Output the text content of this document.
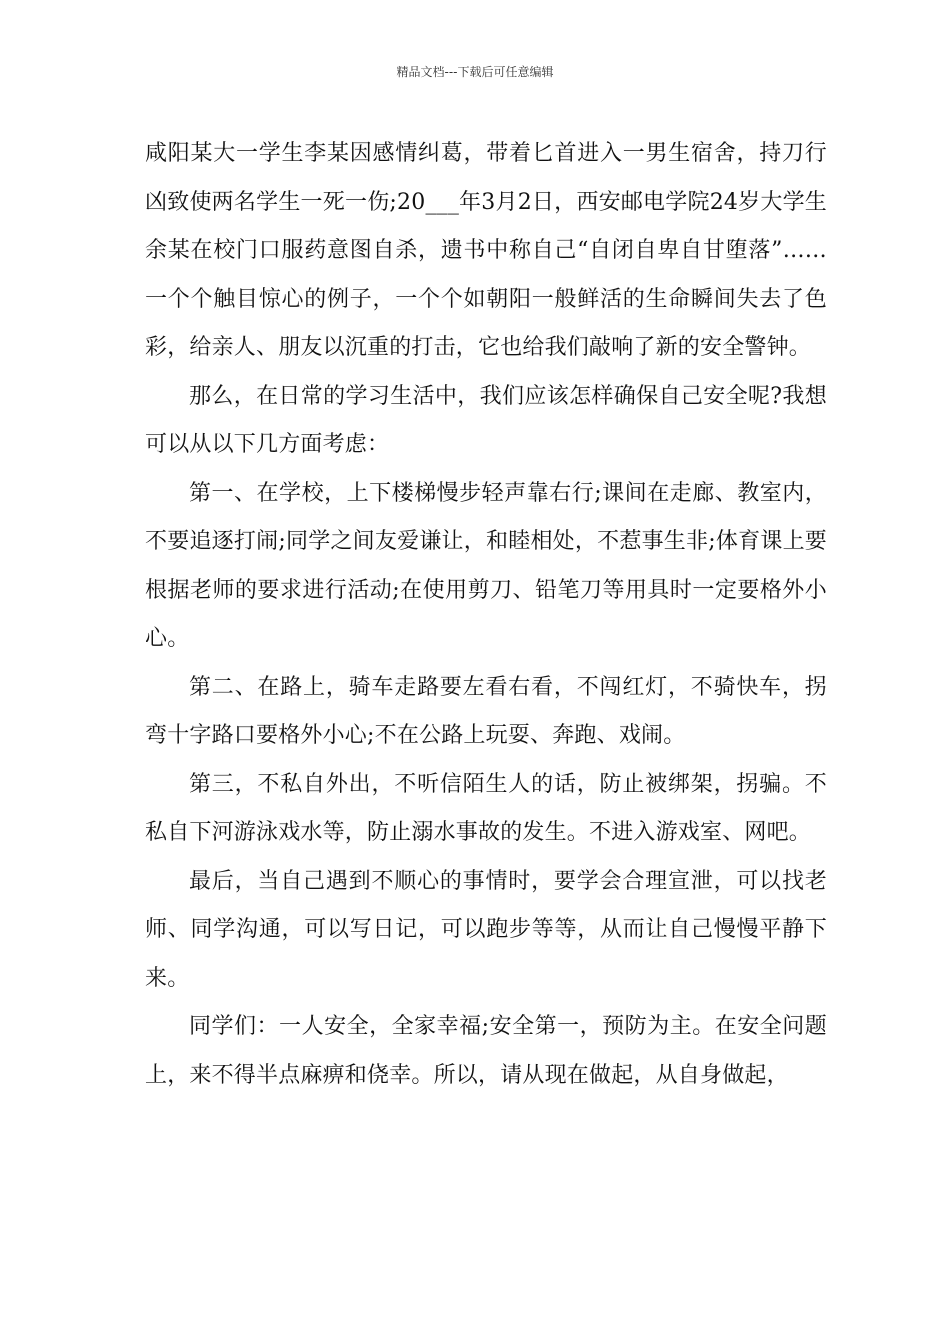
精品文档---下载后可任意编辑

咸阳某大一学生李某因感情纠葛，带着匕首进入一男生宿舍，持刀行凶致使两名学生一死一伤;20___年3月2日，西安邮电学院24岁大学生余某在校门口服药意图自杀，遗书中称自己“自闭自卑自甘堕落”……一个个触目惊心的例子，一个个如朝阳一般鲜活的生命瞬间失去了色彩，给亲人、朋友以沉重的打击，它也给我们敲响了新的安全警钟。

那么，在日常的学习生活中，我们应该怎样确保自己安全呢?我想可以从以下几方面考虑：

第一、在学校，上下楼梯慢步轻声靠右行;课间在走廊、教室内，不要追逐打闹;同学之间友爱谦让，和睦相处，不惹事生非;体育课上要根据老师的要求进行活动;在使用剪刀、铅笔刀等用具时一定要格外小心。

第二、在路上，骑车走路要左看右看，不闯红灯，不骑快车，拐弯十字路口要格外小心;不在公路上玩耍、奔跑、戏闹。

第三，不私自外出，不听信陌生人的话，防止被绑架，拐骗。不私自下河游泳戏水等，防止溺水事故的发生。不进入游戏室、网吧。

最后，当自己遇到不顺心的事情时，要学会合理宣泄，可以找老师、同学沟通，可以写日记，可以跑步等等，从而让自己慢慢平静下来。

同学们：一人安全，全家幸福;安全第一，预防为主。在安全问题上，来不得半点麻痹和侥幸。所以，请从现在做起，从自身做起，
